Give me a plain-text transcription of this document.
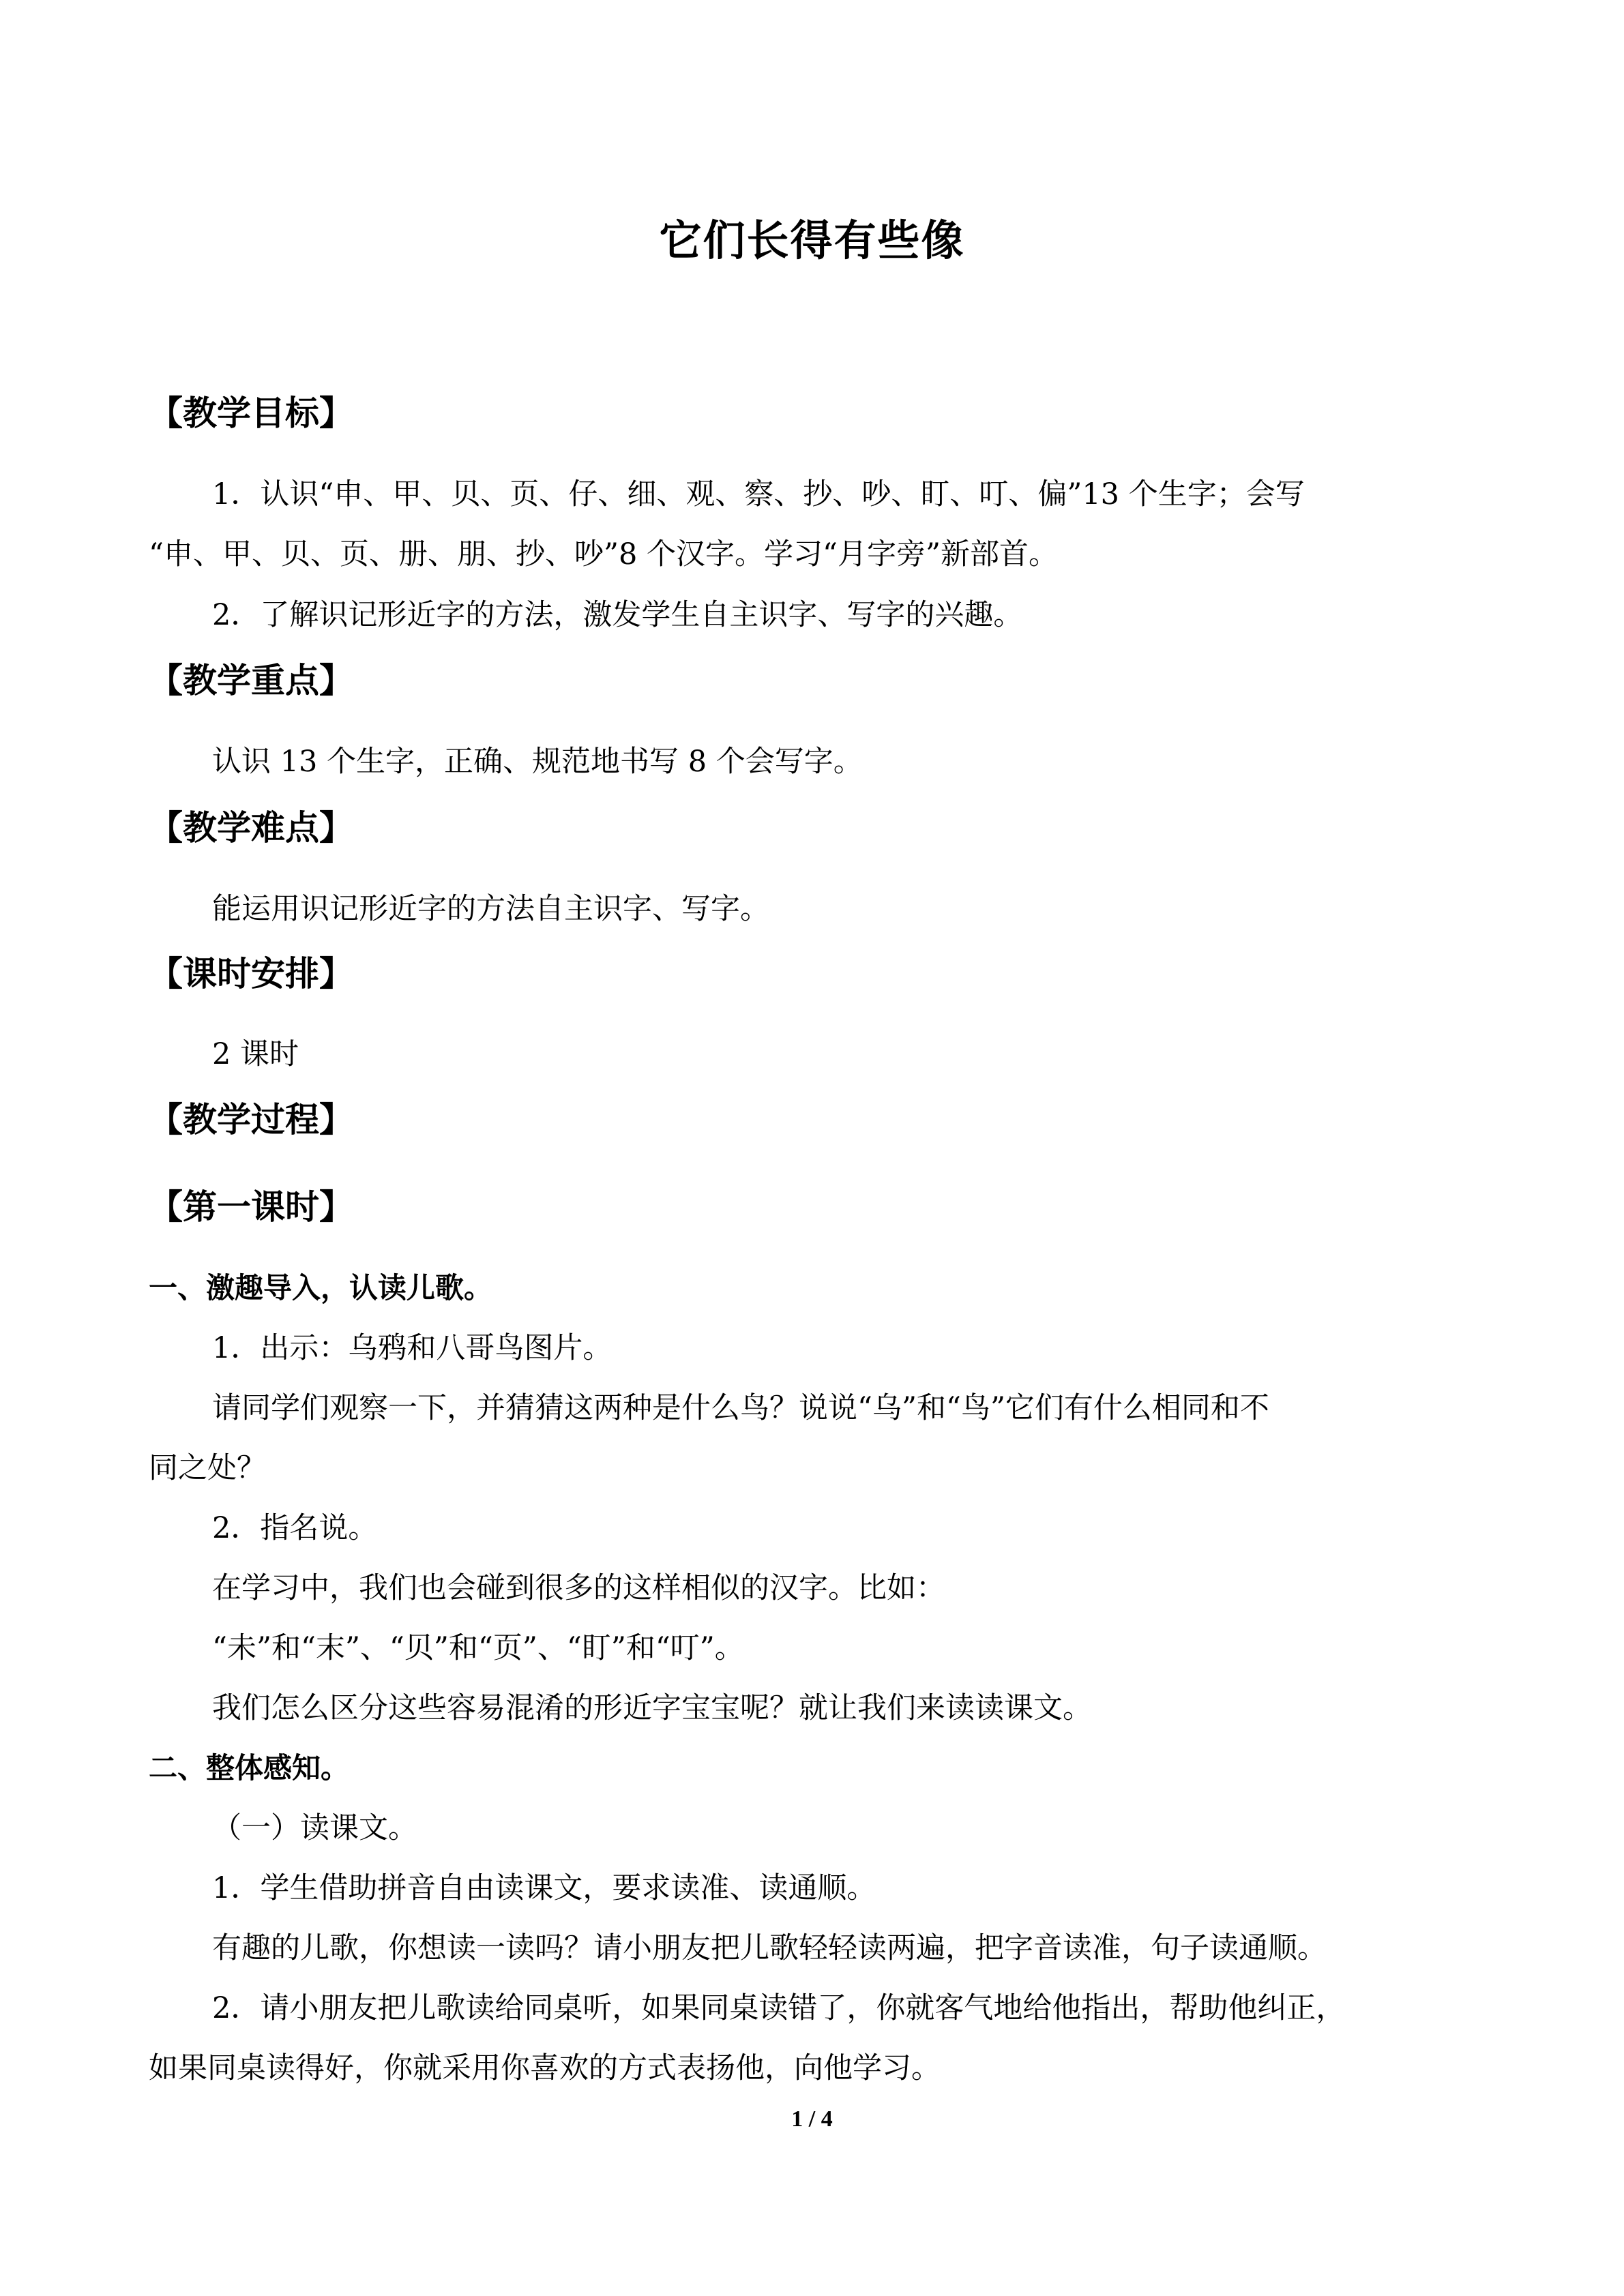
它们长得有些像
【教学目标】
1．认识“申、甲、贝、页、仔、细、观、察、抄、吵、盯、叮、偏”13 个生字；会写
“申、甲、贝、页、册、朋、抄、吵”8 个汉字。学习“月字旁”新部首。
2．了解识记形近字的方法，激发学生自主识字、写字的兴趣。
【教学重点】
认识 13 个生字，正确、规范地书写 8 个会写字。
【教学难点】
能运用识记形近字的方法自主识字、写字。
【课时安排】
2 课时
【教学过程】
【第一课时】
一、激趣导入，认读儿歌。
1．出示：乌鸦和八哥鸟图片。
请同学们观察一下，并猜猜这两种是什么鸟？说说“乌”和“鸟”它们有什么相同和不
同之处？
2．指名说。
在学习中，我们也会碰到很多的这样相似的汉字。比如：
“未”和“末”、“贝”和“页”、“盯”和“叮”。
我们怎么区分这些容易混淆的形近字宝宝呢？就让我们来读读课文。
二、整体感知。
（一）读课文。
1．学生借助拼音自由读课文，要求读准、读通顺。
有趣的儿歌，你想读一读吗？请小朋友把儿歌轻轻读两遍，把字音读准，句子读通顺。
2．请小朋友把儿歌读给同桌听，如果同桌读错了，你就客气地给他指出，帮助他纠正，
如果同桌读得好，你就采用你喜欢的方式表扬他，向他学习。
1 / 4
